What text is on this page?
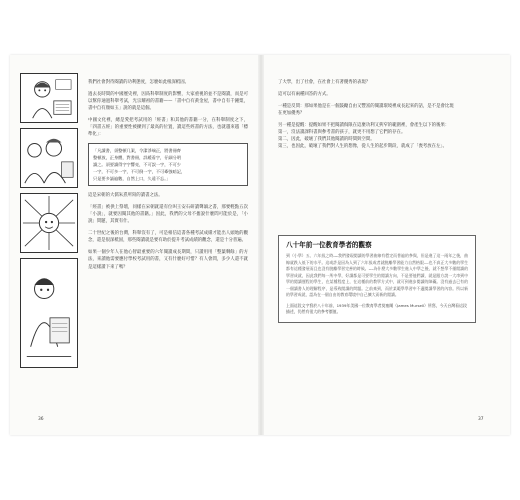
我們社會對待閱讀的功利態度，怎麼如此根深柢固。

過去長時間的中國歷史裡，因爲科舉制度的影響，大家重視的並不是閱讀，而是可以幫你通過科舉考試，光宗耀祖的書籍——「書中自有黃金屋，書中自有千鍾粟，書中自有顏如玉」說的就是這個。

中國文化裡，總是愛把考試用的「經書」和其他的書籍一分，在科舉制度之下，「四書五經」的重要性被擴到了最高的位置，讀這些經書的方法，也就越來越「標準化」：

「凡讀書，須整頓几案，令潔淨端正，將書冊齊
整頓放，正身體，對書冊，詳緩看字，仔細分明
讀之。須要讀得字字響亮，不可誤一字，不可少
一字，不可多一字，不可倒一字，不可牽強暗記，
只是要多誦遍數，自然上口，久遠不忘。」

這是宋朝的大儒朱熹所寫的讀書之法。

「經書」被供上祭壇，同樣在宋朝就還有位叫王安石研讀聲韻之書，那要輕點五次「小說」，就要因閱其他的書籍。」因此，我們的父母不擔說什麼問可能於是，「小說」問題，其實有什。

二十世紀之後的台灣，科舉沒有了，可是相信這書各種考試成績才能出人頭地的觀念，還是很深柢固，那些閱讀就是要有助於提升考試成績的觀念，還是十分普遍。

如果一個少年人在他心智最重要的六年閱讀成長期間，只讀用用「整葉剩餘」的方法，來讀他需要應付學校考試用的書，又有什麼好可惜？有人會問，多少人還不就是這樣讀下來了嗎？

36

了大學，出了社會，在社會上有著優秀的表現？

這可以有兩種回答的方式。

一種是反問：那如果他是在一個鼓勵自由又豐富的閱讀環境裡成長起來的話，是不是會比現在更加優秀？

另一種是提醒：提醒如果不把閱讀侷限在這麼功利又狹窄的範圍裡，會產生以下的後果：

第一，沒法讀課科書與參考書的孩子，就更不用想了它們的存在。
第二，因此，破壞了我們其他閱讀的時間與空間。
第三，也因此，破壞了我們對人生的想像，從人生的起步期段，就成了「喪考放在左」。
八十年前一位教育學者的觀察
到（小學）五、六年級之時……我們發現閱讀的學習曲線有穩定而普遍的參與，但是進了這一兩年之後，曲線就跌入低下的水平。這或許是因為人到了六年級或者就脫離學習能力自然格限——也不真正大多數的學生都有這種發展而且也沒有脫離學習完善的時候。……為什麼大多數學生進入中學之後，就不想學不僅閱讀的學習成就，因此我們每一所中學，好讀都是可要學生的閱讀方向，不是要他們讀，就是跟方說一大串到中學的閱讀歷程的學生，在某種程度上，在這種前的教學方式中，就可到進步閱讀的障礙。沒有過去已有的一個讀書人的理解程序，是導致閱讀的問題。之前來到，而於某範學學習中不適閱讀學習的內容。所以新的學習成就，認為在一個自由的教育環境中自己擴大而新的閱讀。
上面這段文字寫於八十年前，1939年美國一位教育學者莫塞爾（James Mursell）所寫，今天台灣看這段描述，仍然有很大的參考價值。
37
